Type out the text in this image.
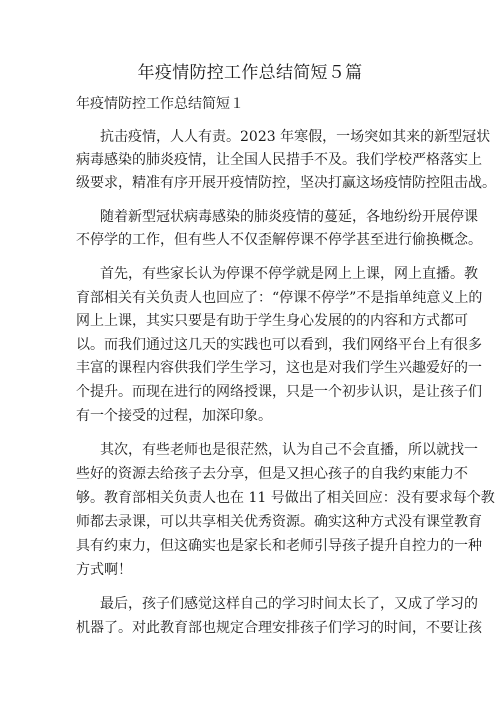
年疫情防控工作总结简短５篇
年疫情防控工作总结简短１
抗击疫情，人人有责。2023 年寒假，一场突如其来的新型冠状
病毒感染的肺炎疫情，让全国人民措手不及。我们学校严格落实上
级要求，精准有序开展开疫情防控，坚决打赢这场疫情防控阻击战。
随着新型冠状病毒感染的肺炎疫情的蔓延，各地纷纷开展停课
不停学的工作，但有些人不仅歪解停课不停学甚至进行偷换概念。
首先，有些家长认为停课不停学就是网上上课，网上直播。教
育部相关有关负责人也回应了：“停课不停学”不是指单纯意义上的
网上上课，其实只要是有助于学生身心发展的的内容和方式都可
以。而我们通过这几天的实践也可以看到，我们网络平台上有很多
丰富的课程内容供我们学生学习，这也是对我们学生兴趣爱好的一
个提升。而现在进行的网络授课，只是一个初步认识，是让孩子们
有一个接受的过程，加深印象。
其次，有些老师也是很茫然，认为自己不会直播，所以就找一
些好的资源去给孩子去分享，但是又担心孩子的自我约束能力不
够。教育部相关负责人也在 11 号做出了相关回应：没有要求每个教
师都去录课，可以共享相关优秀资源。确实这种方式没有课堂教育
具有约束力，但这确实也是家长和老师引导孩子提升自控力的一种
方式啊！
最后，孩子们感觉这样自己的学习时间太长了，又成了学习的
机器了。对此教育部也规定合理安排孩子们学习的时间，不要让孩
